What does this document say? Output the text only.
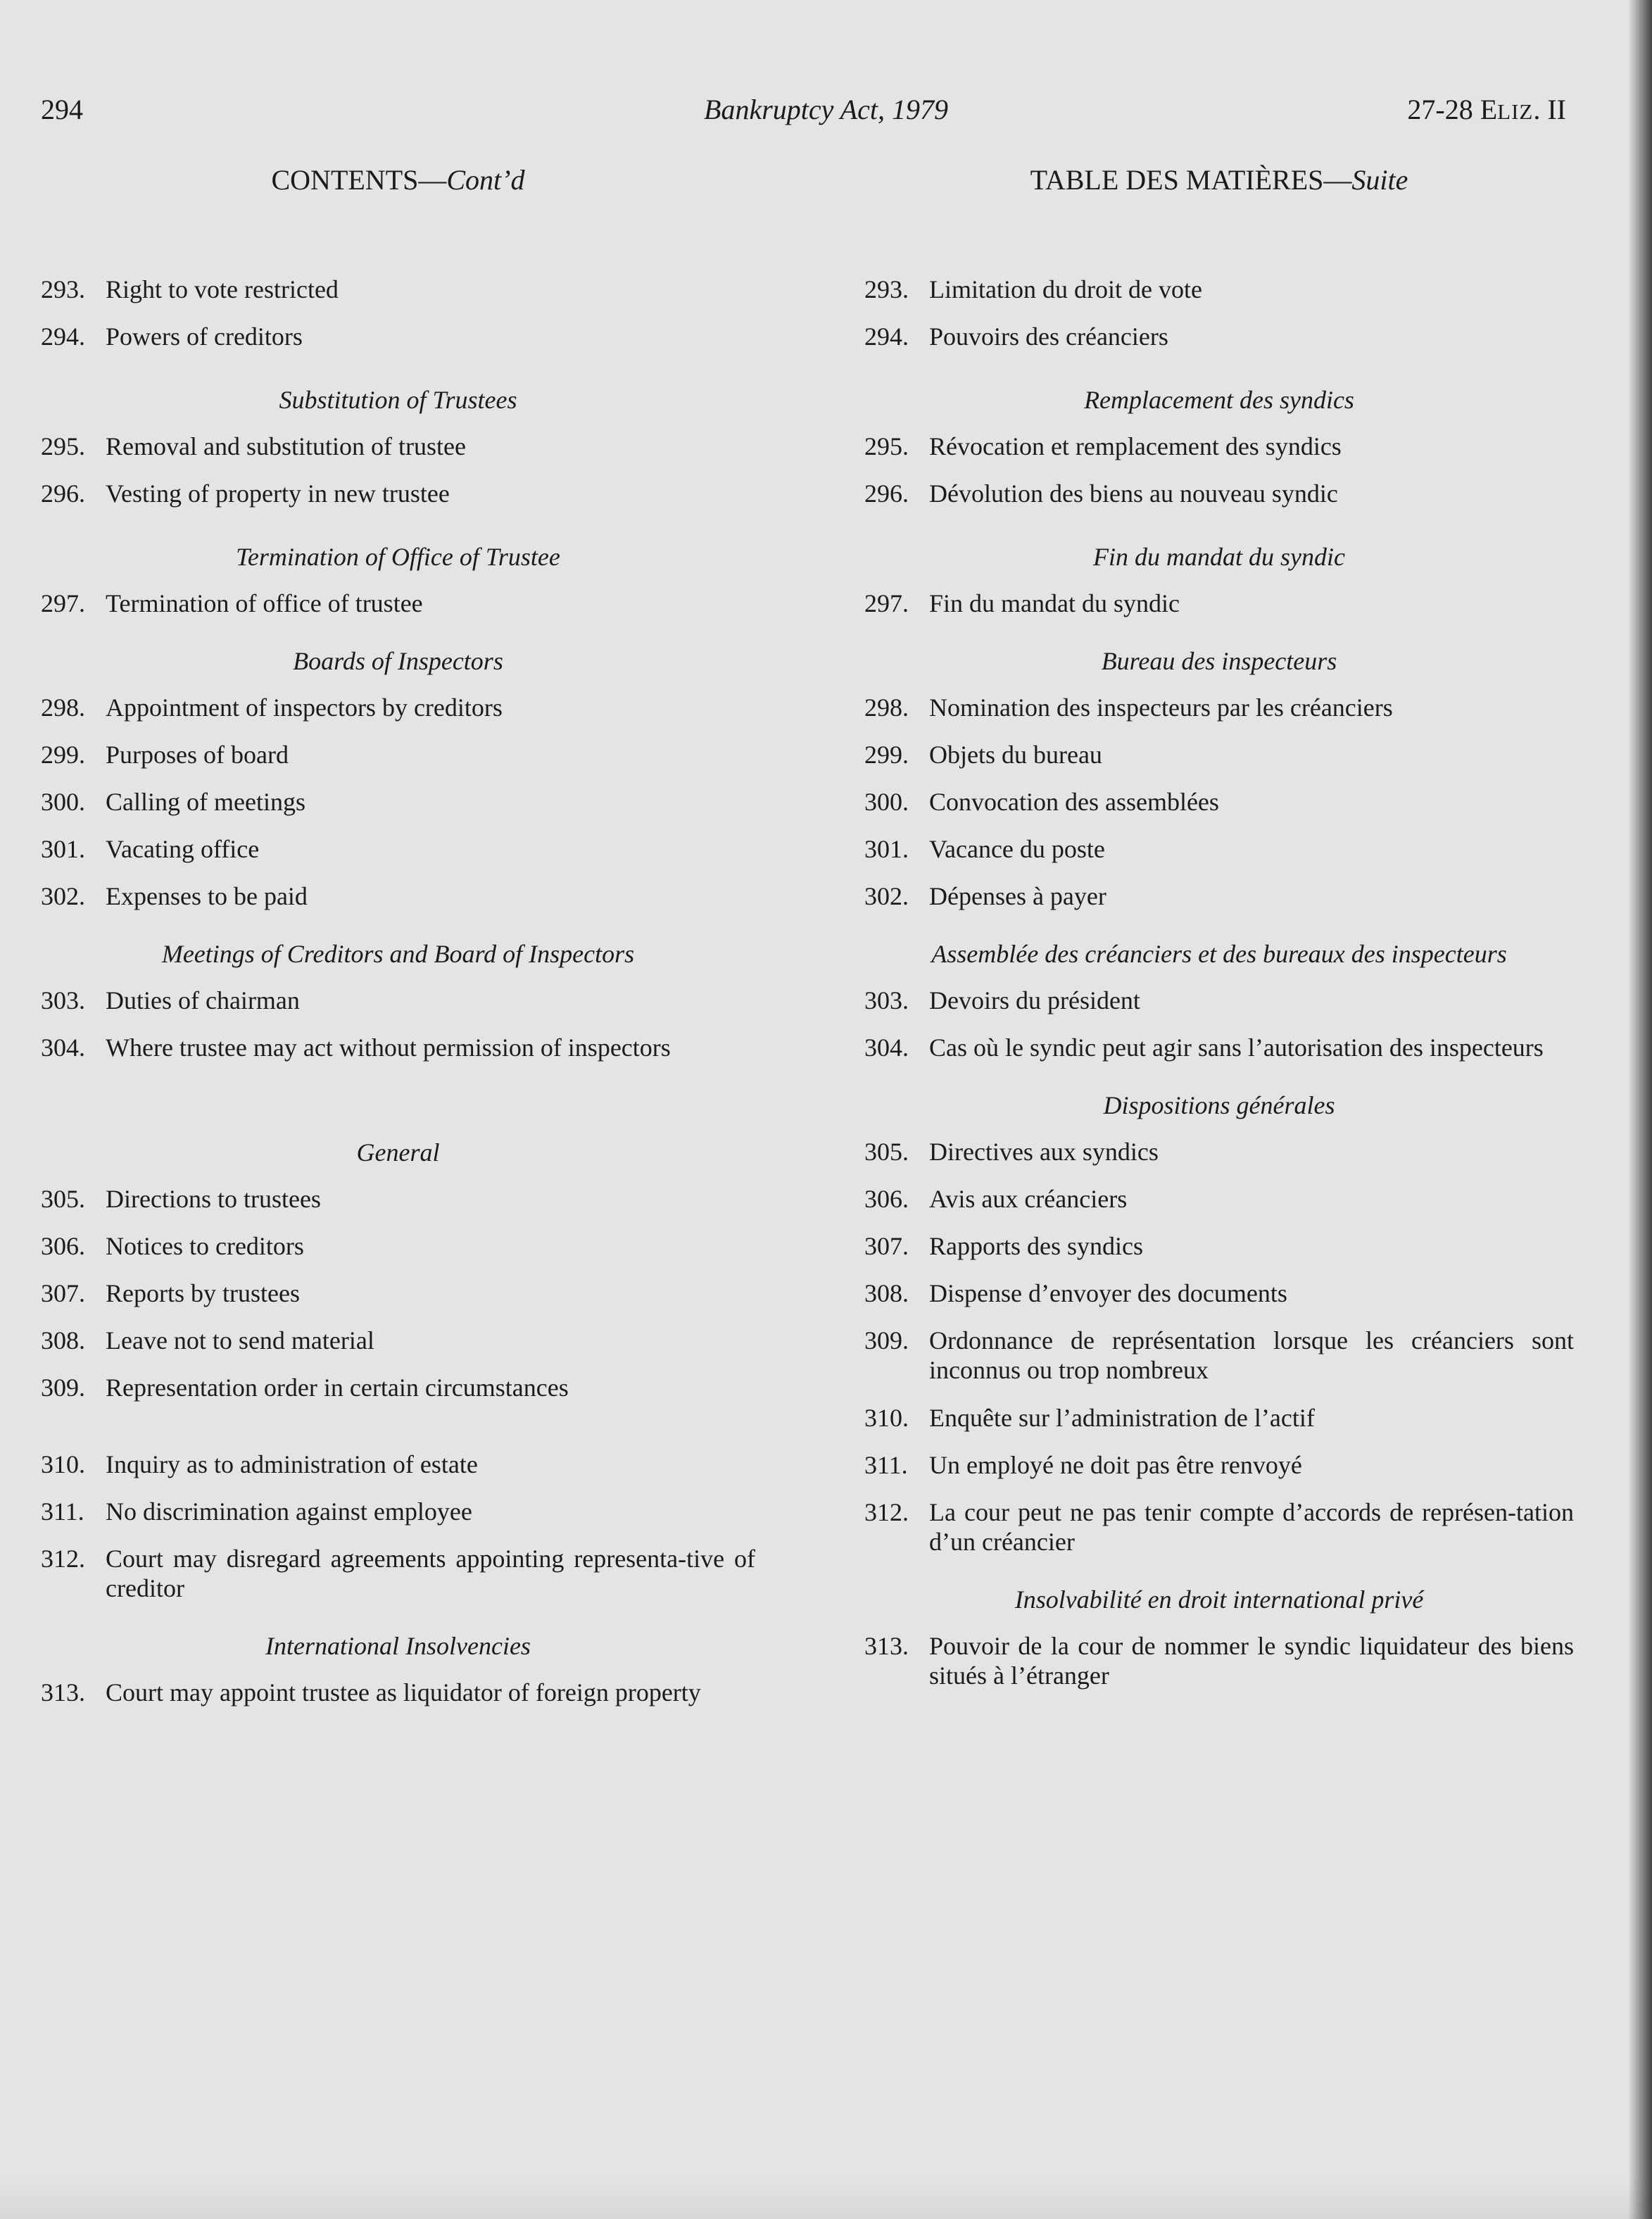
294	Bankruptcy Act, 1979	27-28 ELIZ. II
CONTENTS—Cont’d
293. Right to vote restricted
294. Powers of creditors
Substitution of Trustees
295. Removal and substitution of trustee
296. Vesting of property in new trustee
Termination of Office of Trustee
297. Termination of office of trustee
Boards of Inspectors
298. Appointment of inspectors by creditors
299. Purposes of board
300. Calling of meetings
301. Vacating office
302. Expenses to be paid
Meetings of Creditors and Board of Inspectors
303. Duties of chairman
304. Where trustee may act without permission of inspectors
General
305. Directions to trustees
306. Notices to creditors
307. Reports by trustees
308. Leave not to send material
309. Representation order in certain circumstances
310. Inquiry as to administration of estate
311. No discrimination against employee
312. Court may disregard agreements appointing representa-tive of creditor
International Insolvencies
313. Court may appoint trustee as liquidator of foreign property
TABLE DES MATIÈRES—Suite
293. Limitation du droit de vote
294. Pouvoirs des créanciers
Remplacement des syndics
295. Révocation et remplacement des syndics
296. Dévolution des biens au nouveau syndic
Fin du mandat du syndic
297. Fin du mandat du syndic
Bureau des inspecteurs
298. Nomination des inspecteurs par les créanciers
299. Objets du bureau
300. Convocation des assemblées
301. Vacance du poste
302. Dépenses à payer
Assemblée des créanciers et des bureaux des inspecteurs
303. Devoirs du président
304. Cas où le syndic peut agir sans l’autorisation des inspecteurs
Dispositions générales
305. Directives aux syndics
306. Avis aux créanciers
307. Rapports des syndics
308. Dispense d’envoyer des documents
309. Ordonnance de représentation lorsque les créanciers sont inconnus ou trop nombreux
310. Enquête sur l’administration de l’actif
311. Un employé ne doit pas être renvoyé
312. La cour peut ne pas tenir compte d’accords de représen-tation d’un créancier
Insolvabilité en droit international privé
313. Pouvoir de la cour de nommer le syndic liquidateur des biens situés à l’étranger
